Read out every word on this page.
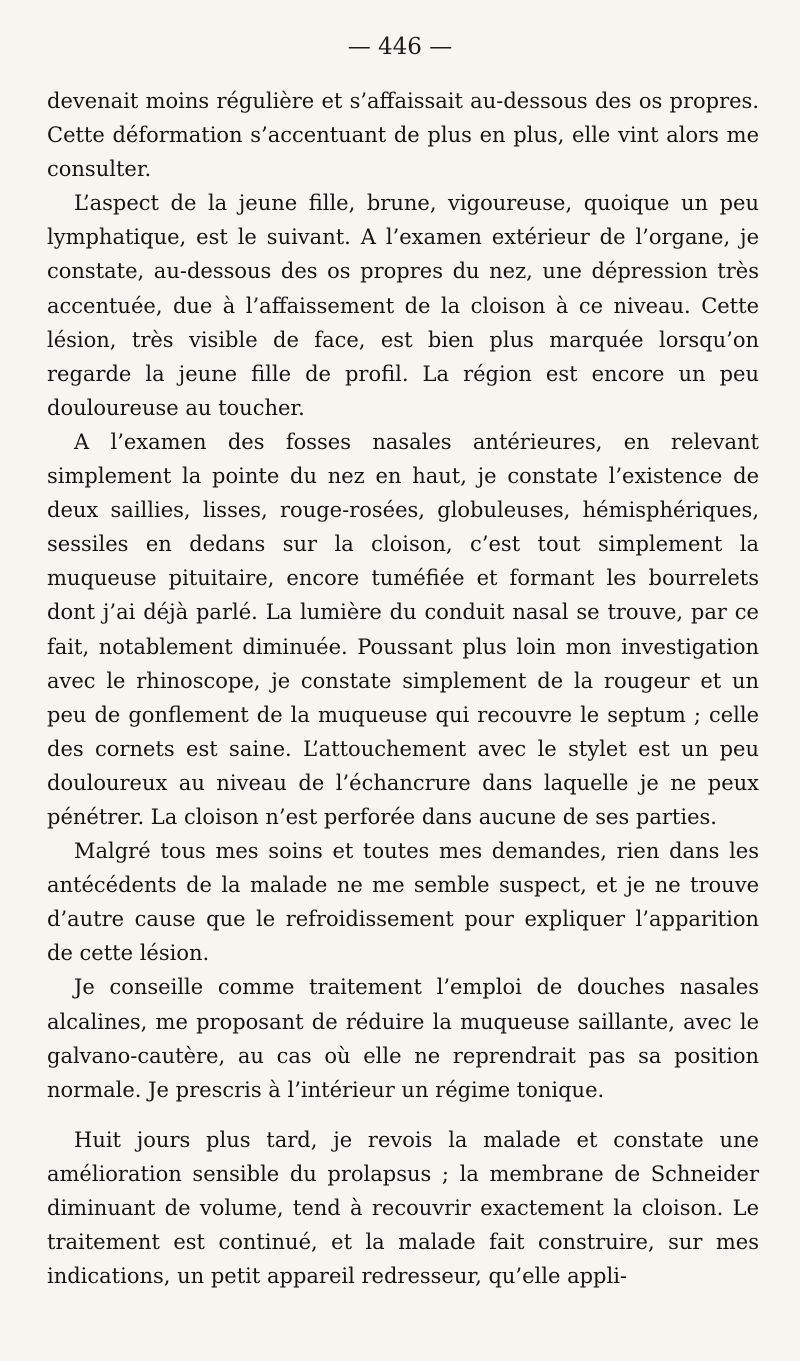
— 446 —

devenait moins régulière et s’affaissait au-dessous des os propres. Cette déformation s’accentuant de plus en plus, elle vint alors me consulter.

L’aspect de la jeune fille, brune, vigoureuse, quoique un peu lymphatique, est le suivant. A l’examen extérieur de l’organe, je constate, au-dessous des os propres du nez, une dépression très accentuée, due à l’affaissement de la cloison à ce niveau. Cette lésion, très visible de face, est bien plus marquée lorsqu’on regarde la jeune fille de profil. La région est encore un peu douloureuse au toucher.

A l’examen des fosses nasales antérieures, en relevant simplement la pointe du nez en haut, je constate l’existence de deux saillies, lisses, rouge-rosées, globuleuses, hémisphériques, sessiles en dedans sur la cloison, c’est tout simplement la muqueuse pituitaire, encore tuméfiée et formant les bourrelets dont j’ai déjà parlé. La lumière du conduit nasal se trouve, par ce fait, notablement diminuée. Poussant plus loin mon investigation avec le rhinoscope, je constate simplement de la rougeur et un peu de gonflement de la muqueuse qui recouvre le septum ; celle des cornets est saine. L’attouchement avec le stylet est un peu douloureux au niveau de l’échancrure dans laquelle je ne peux pénétrer. La cloison n’est perforée dans aucune de ses parties.

Malgré tous mes soins et toutes mes demandes, rien dans les antécédents de la malade ne me semble suspect, et je ne trouve d’autre cause que le refroidissement pour expliquer l’apparition de cette lésion.

Je conseille comme traitement l’emploi de douches nasales alcalines, me proposant de réduire la muqueuse saillante, avec le galvano-cautère, au cas où elle ne reprendrait pas sa position normale. Je prescris à l’intérieur un régime tonique.

Huit jours plus tard, je revois la malade et constate une amélioration sensible du prolapsus ; la membrane de Schneider diminuant de volume, tend à recouvrir exactement la cloison. Le traitement est continué, et la malade fait construire, sur mes indications, un petit appareil redresseur, qu’elle appli-
